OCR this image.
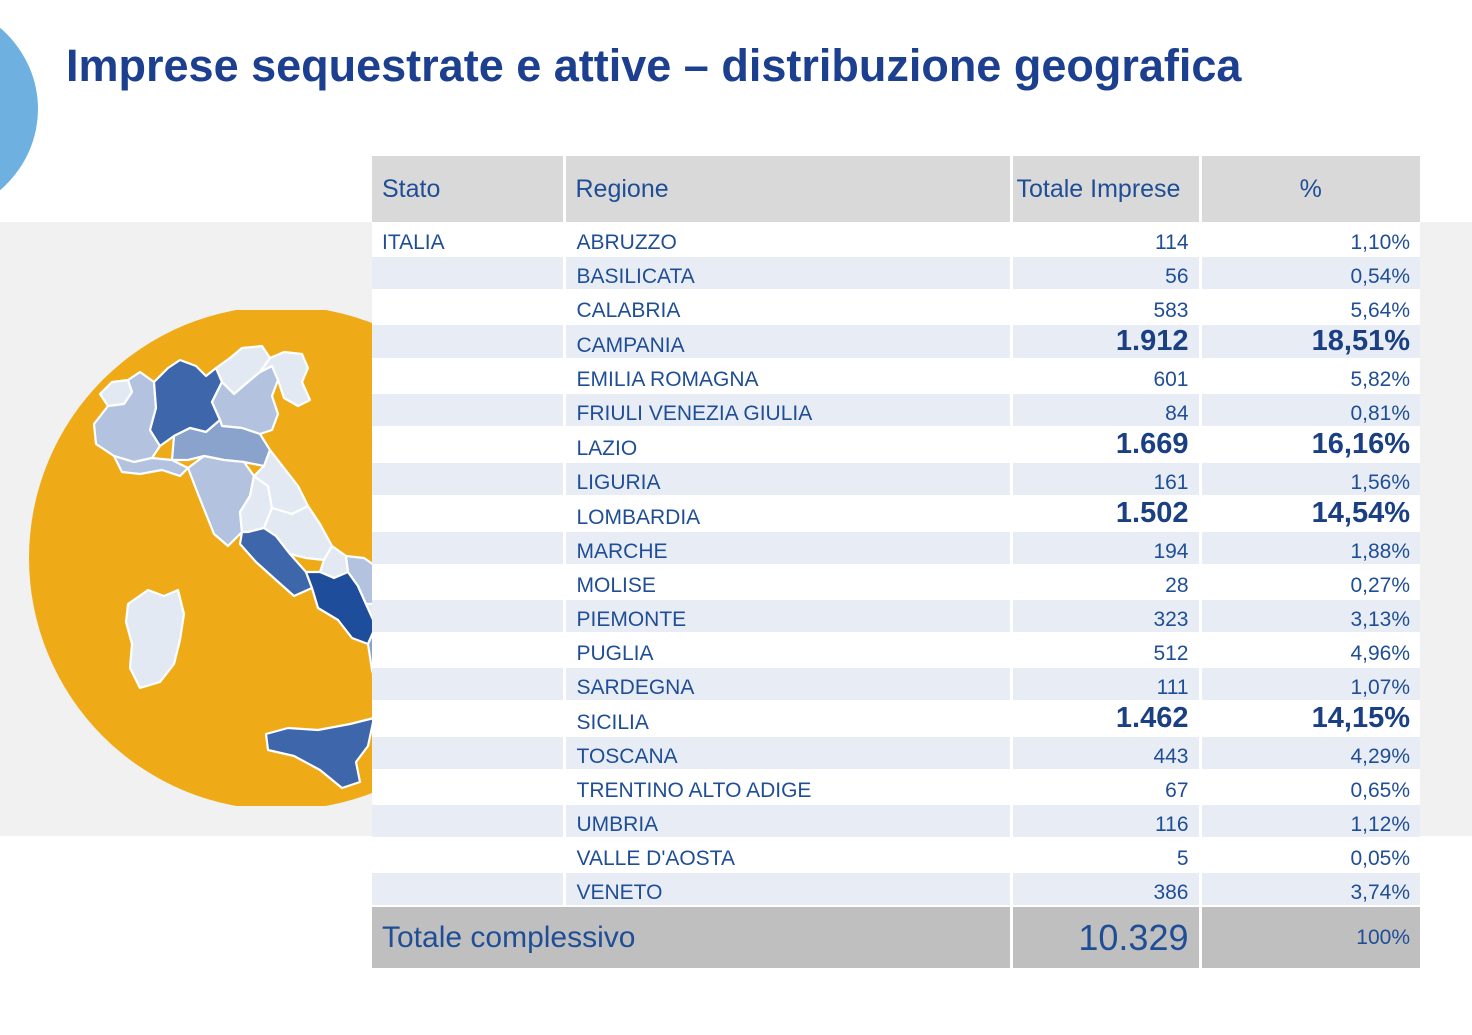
Imprese sequestrate e attive – distribuzione geografica
Stato	Regione	Totale Imprese	%
ITALIA	ABRUZZO	114	1,10%
	BASILICATA	56	0,54%
	CALABRIA	583	5,64%
	CAMPANIA	1.912	18,51%
	EMILIA ROMAGNA	601	5,82%
	FRIULI VENEZIA GIULIA	84	0,81%
	LAZIO	1.669	16,16%
	LIGURIA	161	1,56%
	LOMBARDIA	1.502	14,54%
	MARCHE	194	1,88%
	MOLISE	28	0,27%
	PIEMONTE	323	3,13%
	PUGLIA	512	4,96%
	SARDEGNA	111	1,07%
	SICILIA	1.462	14,15%
	TOSCANA	443	4,29%
	TRENTINO ALTO ADIGE	67	0,65%
	UMBRIA	116	1,12%
	VALLE D'AOSTA	5	0,05%
	VENETO	386	3,74%
Totale complessivo		10.329	100%
